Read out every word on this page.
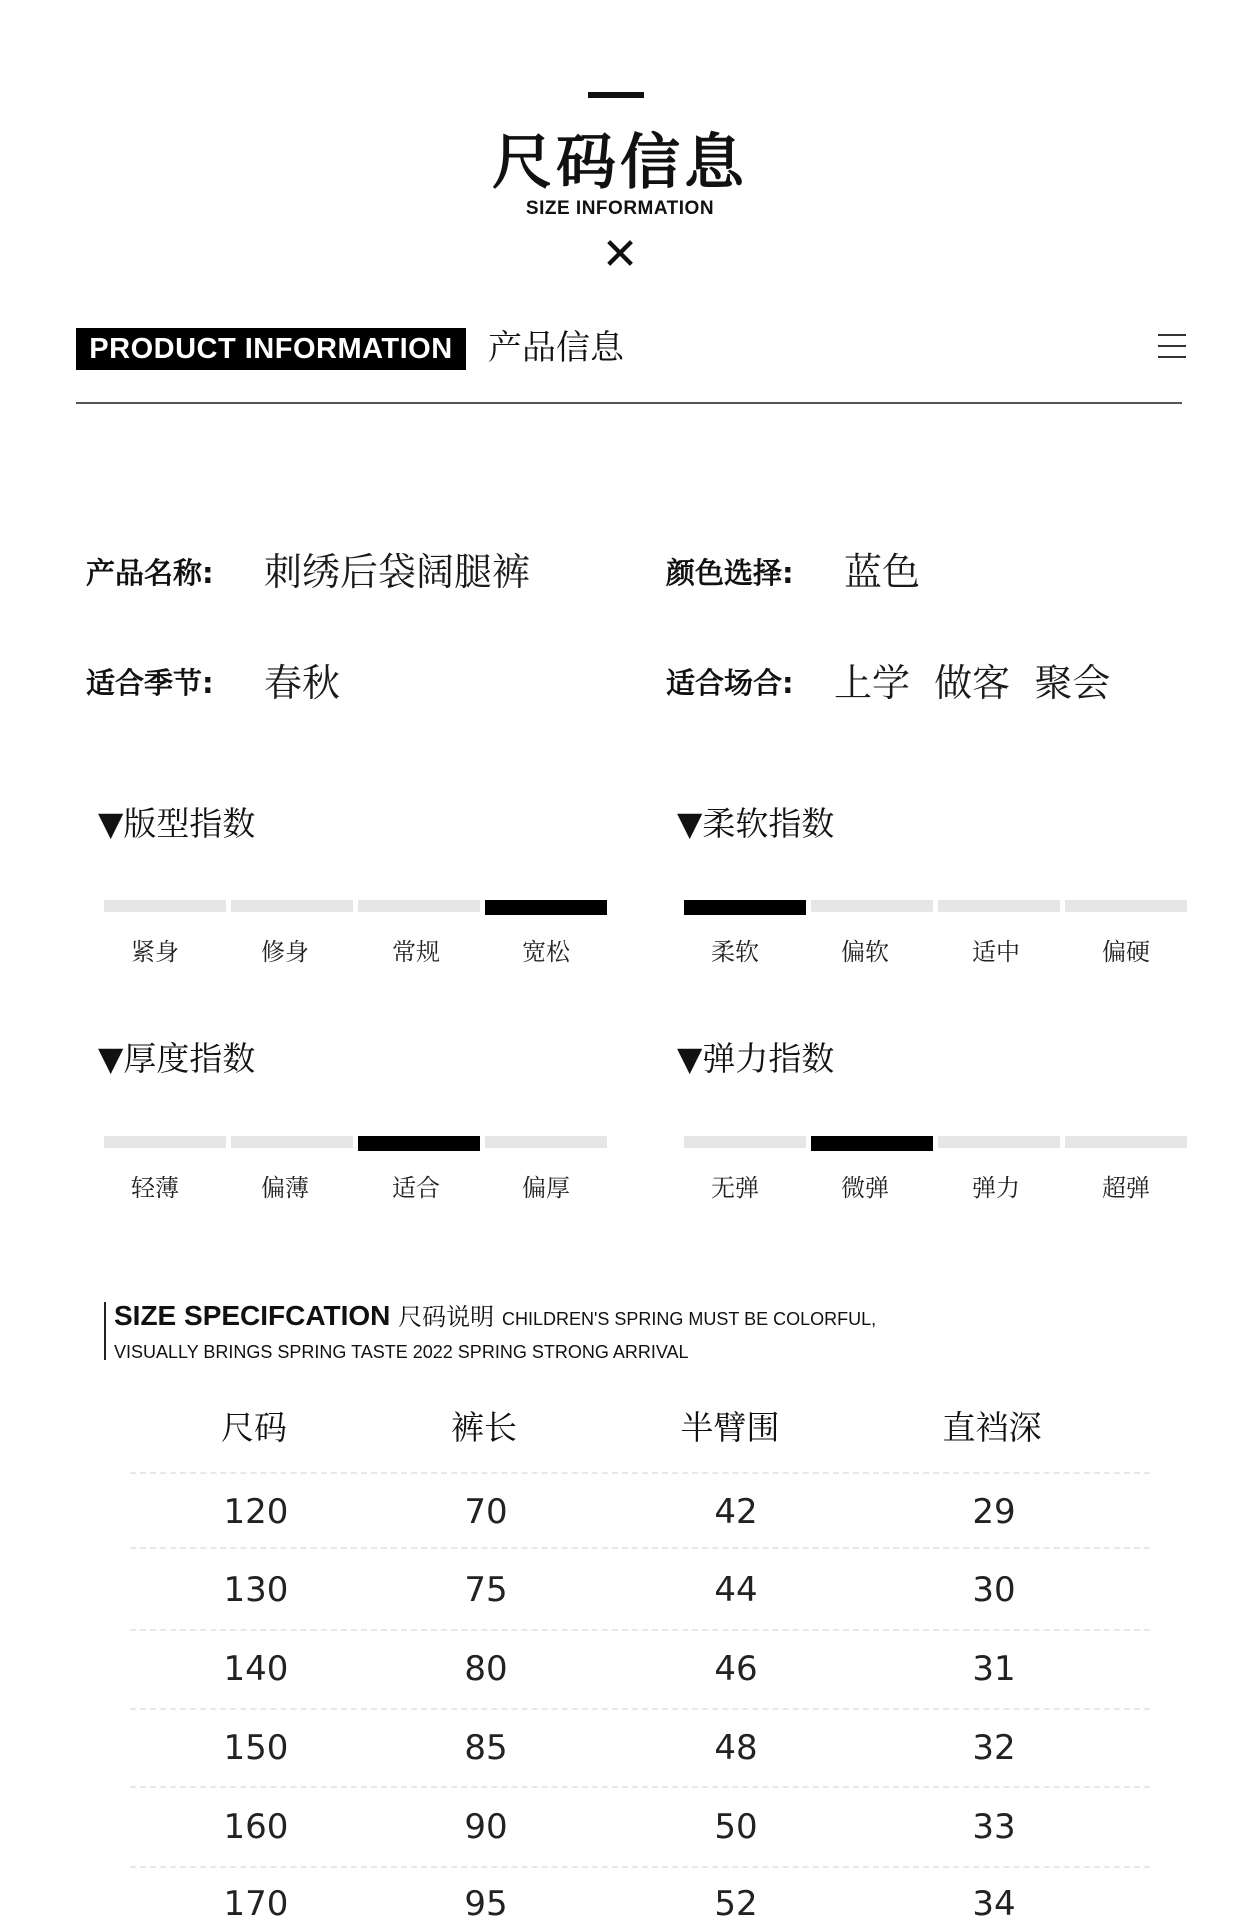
尺码信息
SIZE INFORMATION
✕
PRODUCT INFORMATION	产品信息
产品名称: 刺绣后袋阔腿裤	颜色选择: 蓝色
适合季节: 春秋	适合场合: 上学  做客  聚会
▼版型指数
紧身	修身	常规	宽松
▼柔软指数
柔软	偏软	适中	偏硬
▼厚度指数
轻薄	偏薄	适合	偏厚
▼弹力指数
无弹	微弹	弹力	超弹
SIZE SPECIFCATION 尺码说明 CHILDREN'S SPRING MUST BE COLORFUL,
VISUALLY BRINGS SPRING TASTE 2022 SPRING STRONG ARRIVAL
尺码	裤长	半臂围	直裆深
120	70	42	29
130	75	44	30
140	80	46	31
150	85	48	32
160	90	50	33
170	95	52	34
